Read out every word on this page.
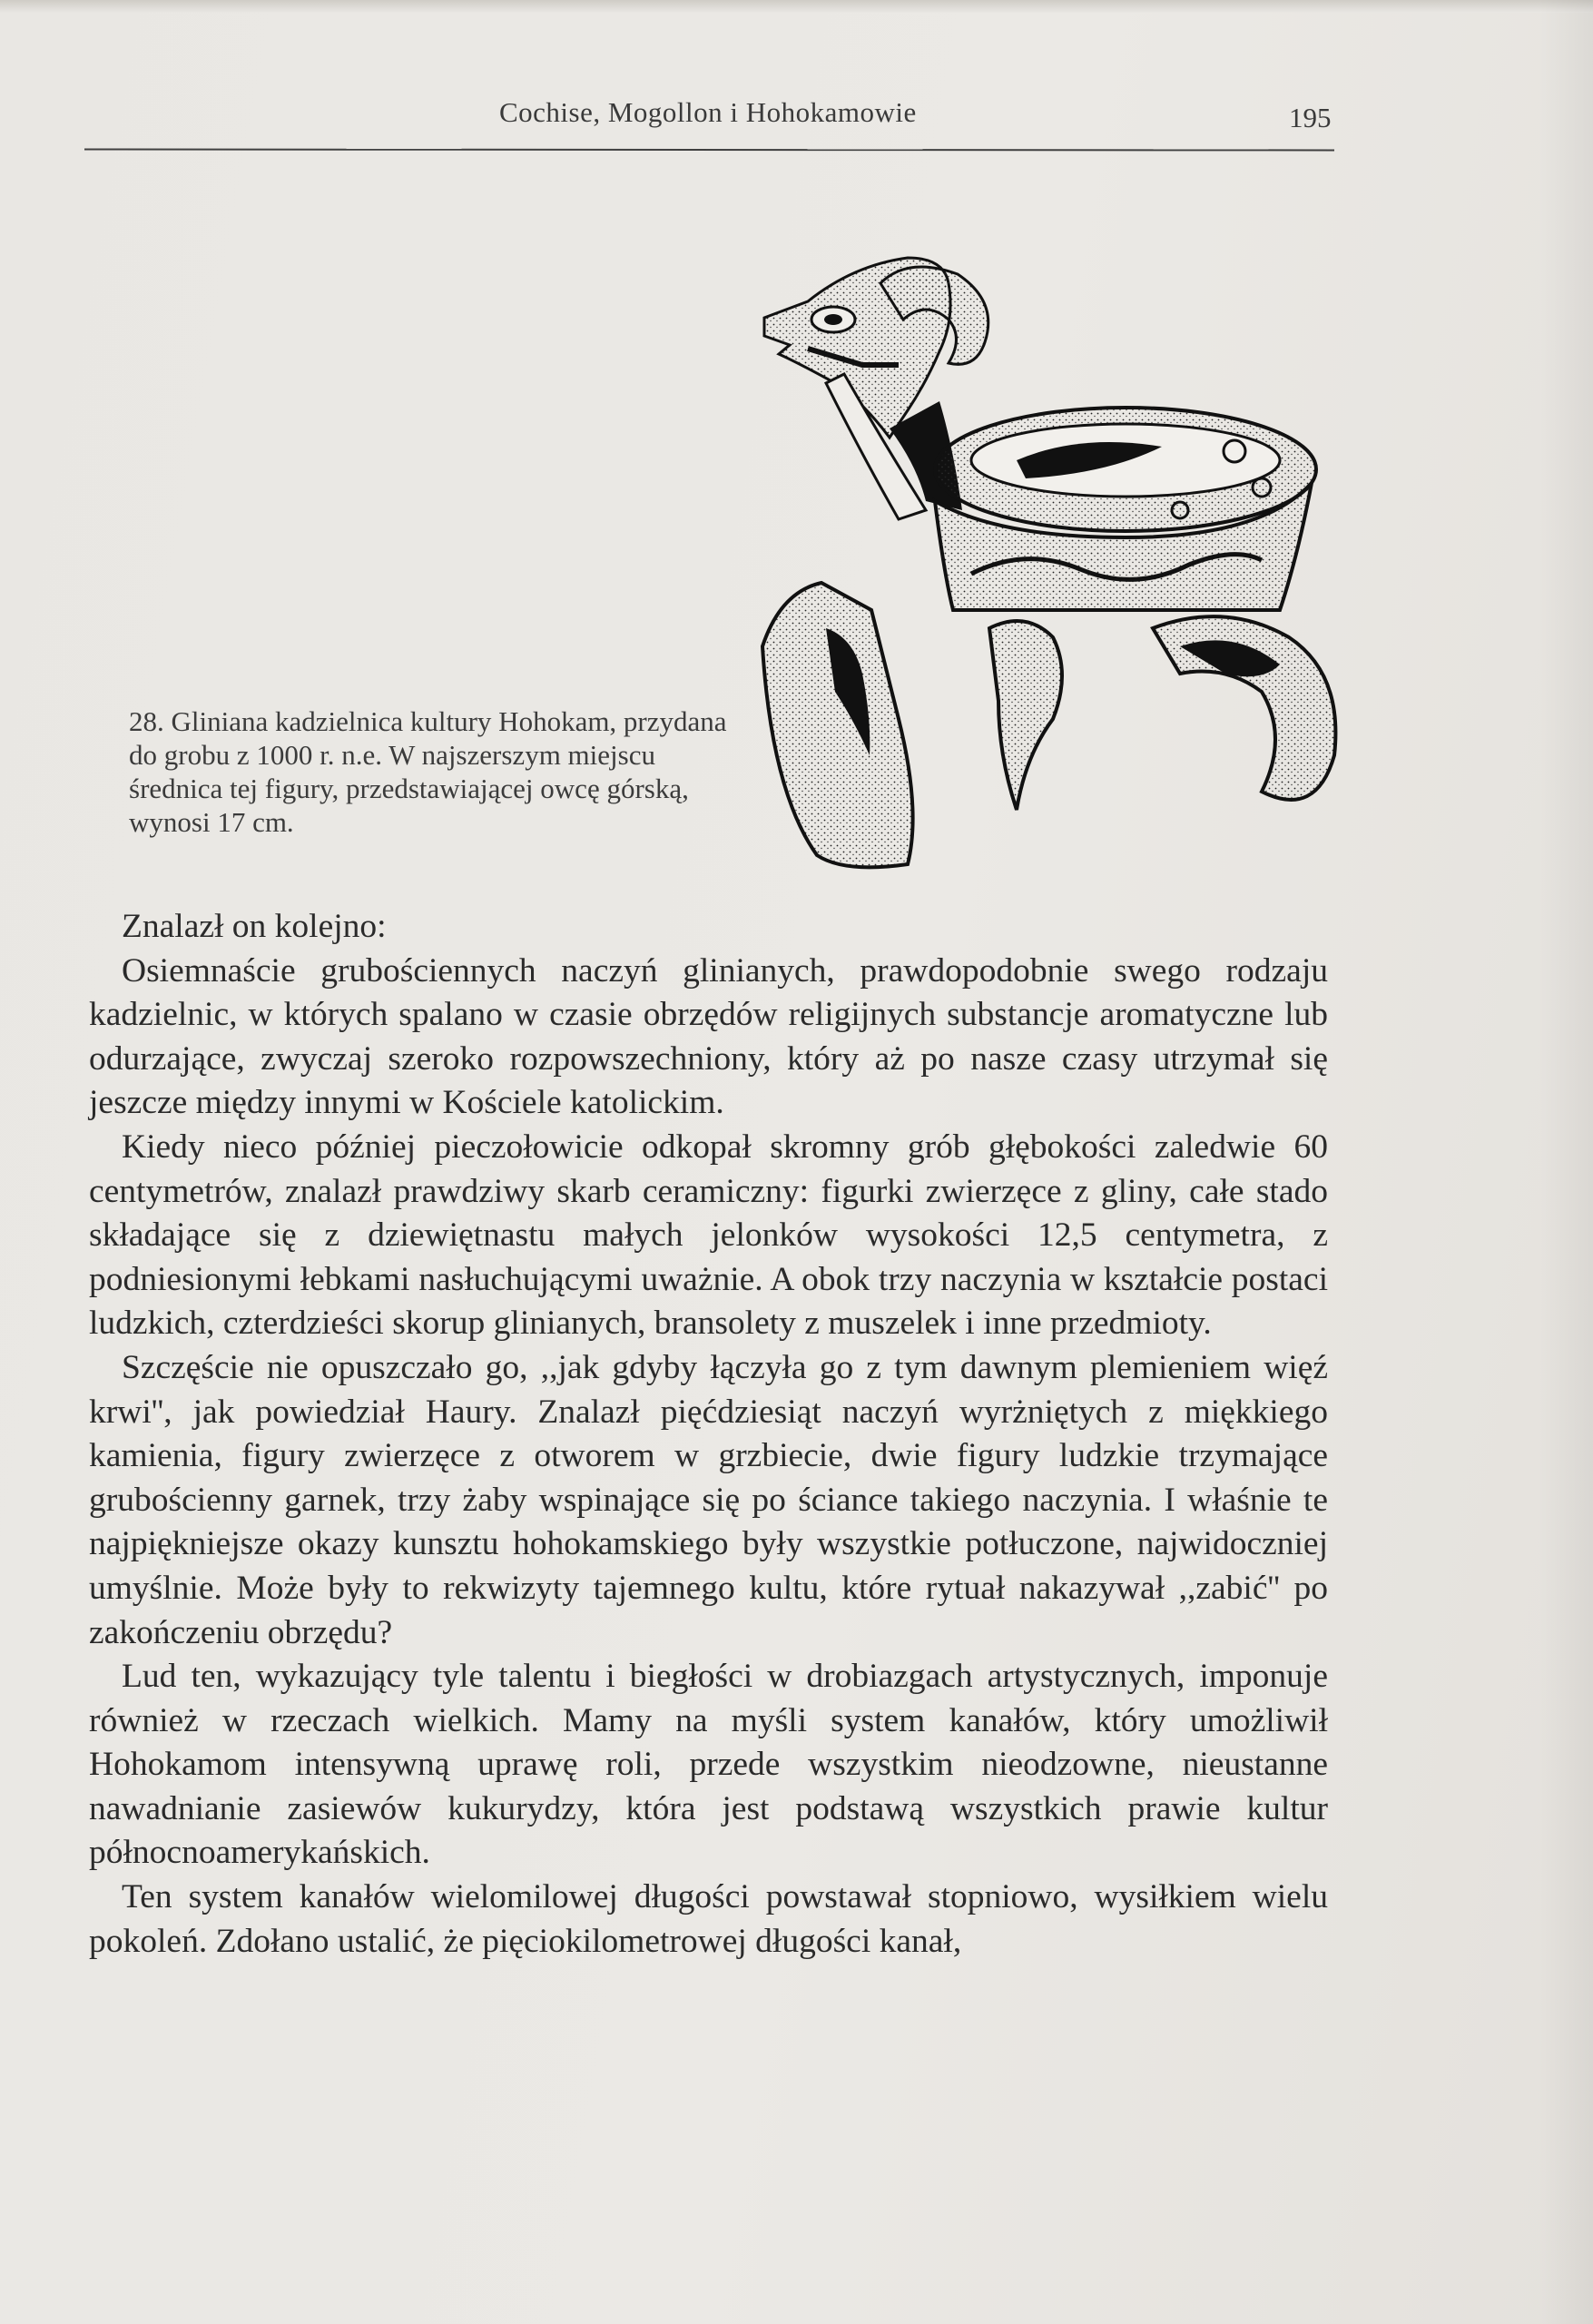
Cochise, Mogollon i Hohokamowie	195

28. Gliniana kadzielnica kultury Hohokam, przydana do grobu z 1000 r. n.e. W najszerszym miejscu średnica tej figury, przedstawiającej owcę górską, wynosi 17 cm.

Znalazł on kolejno:

Osiemnaście grubościennych naczyń glinianych, prawdopodobnie swego rodzaju kadzielnic, w których spalano w czasie obrzędów religijnych substancje aromatyczne lub odurzające, zwyczaj szeroko rozpowszechniony, który aż po nasze czasy utrzymał się jeszcze między innymi w Kościele katolickim.

Kiedy nieco później pieczołowicie odkopał skromny grób głębokości zaledwie 60 centymetrów, znalazł prawdziwy skarb ceramiczny: figurki zwierzęce z gliny, całe stado składające się z dziewiętnastu małych jelonków wysokości 12,5 centymetra, z podniesionymi łebkami nasłuchującymi uważnie. A obok trzy naczynia w kształcie postaci ludzkich, czterdzieści skorup glinianych, bransolety z muszelek i inne przedmioty.

Szczęście nie opuszczało go, ,,jak gdyby łączyła go z tym dawnym plemieniem więź krwi'', jak powiedział Haury. Znalazł pięćdziesiąt naczyń wyrżniętych z miękkiego kamienia, figury zwierzęce z otworem w grzbiecie, dwie figury ludzkie trzymające grubościenny garnek, trzy żaby wspinające się po ściance takiego naczynia. I właśnie te najpiękniejsze okazy kunsztu hohokamskiego były wszystkie potłuczone, najwidoczniej umyślnie. Może były to rekwizyty tajemnego kultu, które rytuał nakazywał ,,zabić'' po zakończeniu obrzędu?

Lud ten, wykazujący tyle talentu i biegłości w drobiazgach artystycznych, imponuje również w rzeczach wielkich. Mamy na myśli system kanałów, który umożliwił Hohokamom intensywną uprawę roli, przede wszystkim nieodzowne, nieustanne nawadnianie zasiewów kukurydzy, która jest podstawą wszystkich prawie kultur północnoamerykańskich.

Ten system kanałów wielomilowej długości powstawał stopniowo, wysiłkiem wielu pokoleń. Zdołano ustalić, że pięciokilometrowej długości kanał,
